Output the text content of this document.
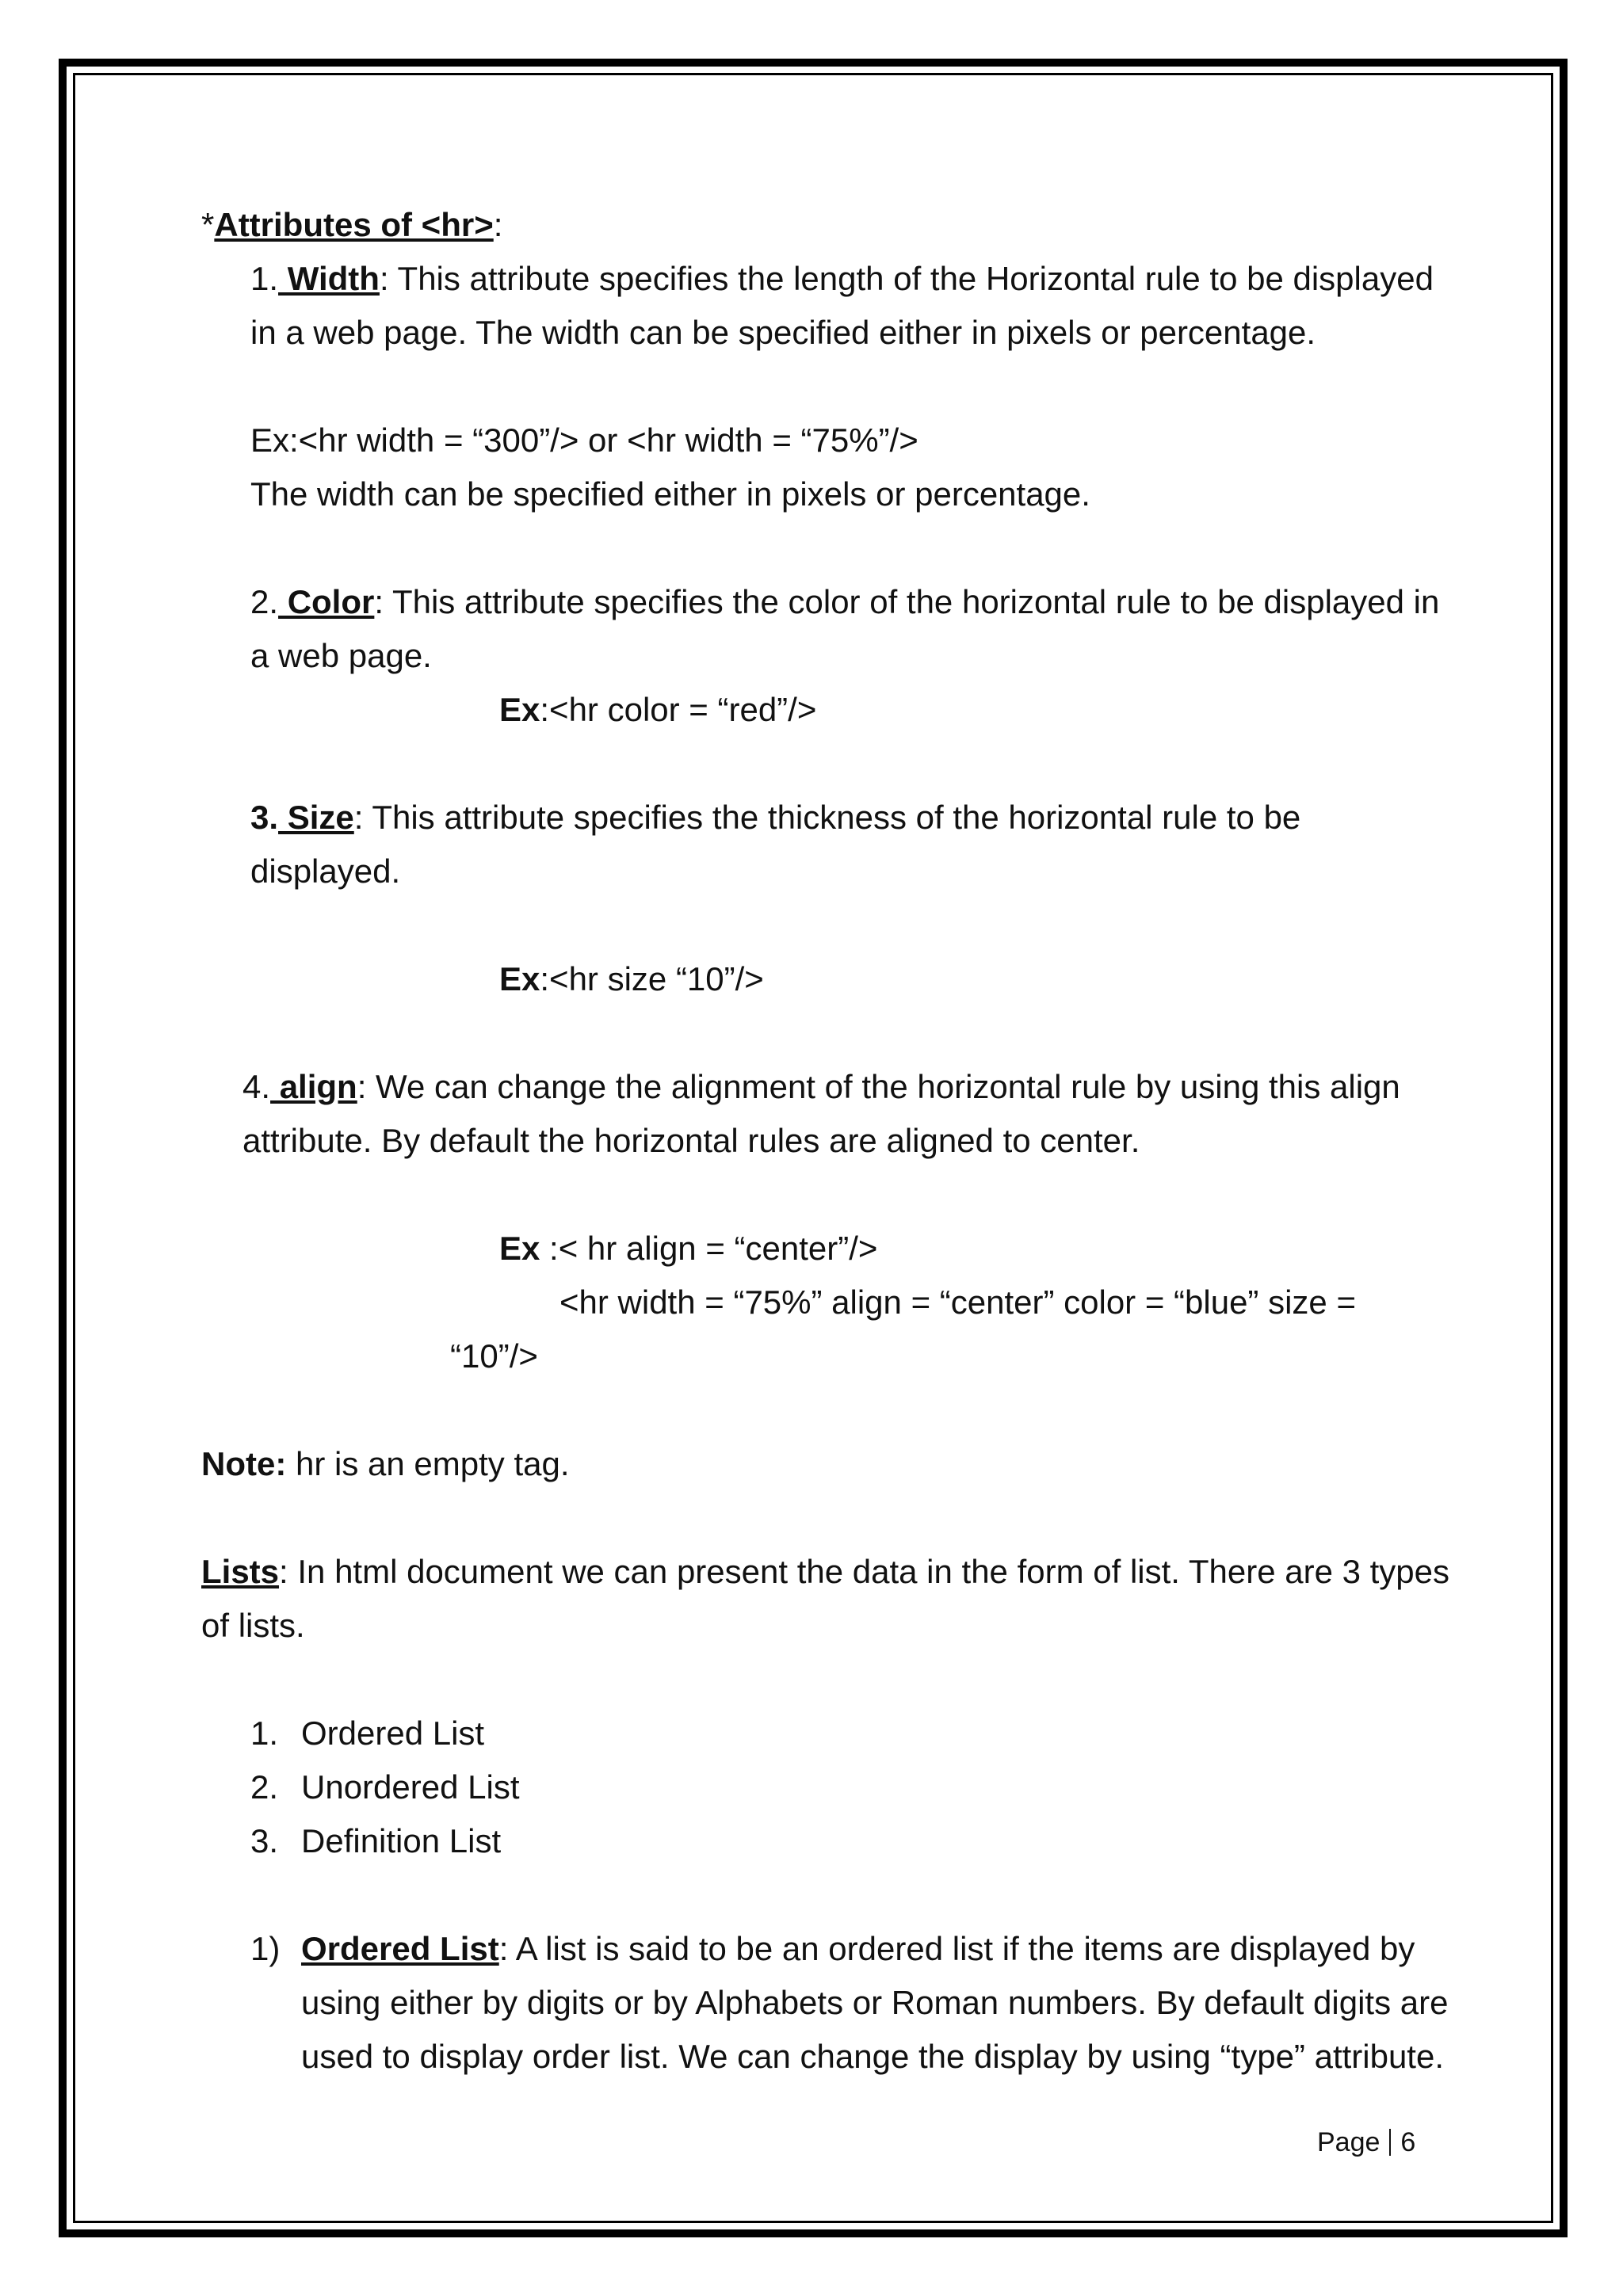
*Attributes of <hr>:
1. Width: This attribute specifies the length of the Horizontal rule to be displayed
in a web page. The width can be specified either in pixels or percentage.
Ex:<hr width = “300”/> or <hr width = “75%”/>
The width can be specified either in pixels or percentage.
2. Color: This attribute specifies the color of the horizontal rule to be displayed in
a web page.
Ex:<hr color = “red”/>
3. Size: This attribute specifies the thickness of the horizontal rule to be
displayed.
Ex:<hr size “10”/>
4. align: We can change the alignment of the horizontal rule by using this align
attribute. By default the horizontal rules are aligned to center.
Ex :< hr align = “center”/>
<hr width = “75%” align = “center” color = “blue” size =
“10”/>
Note: hr is an empty tag.
Lists: In html document we can present the data in the form of list. There are 3 types
of lists.
1. Ordered List
2. Unordered List
3. Definition List
1) Ordered List: A list is said to be an ordered list if the items are displayed by
using either by digits or by Alphabets or Roman numbers. By default digits are
used to display order list. We can change the display by using “type” attribute.
Page 6
